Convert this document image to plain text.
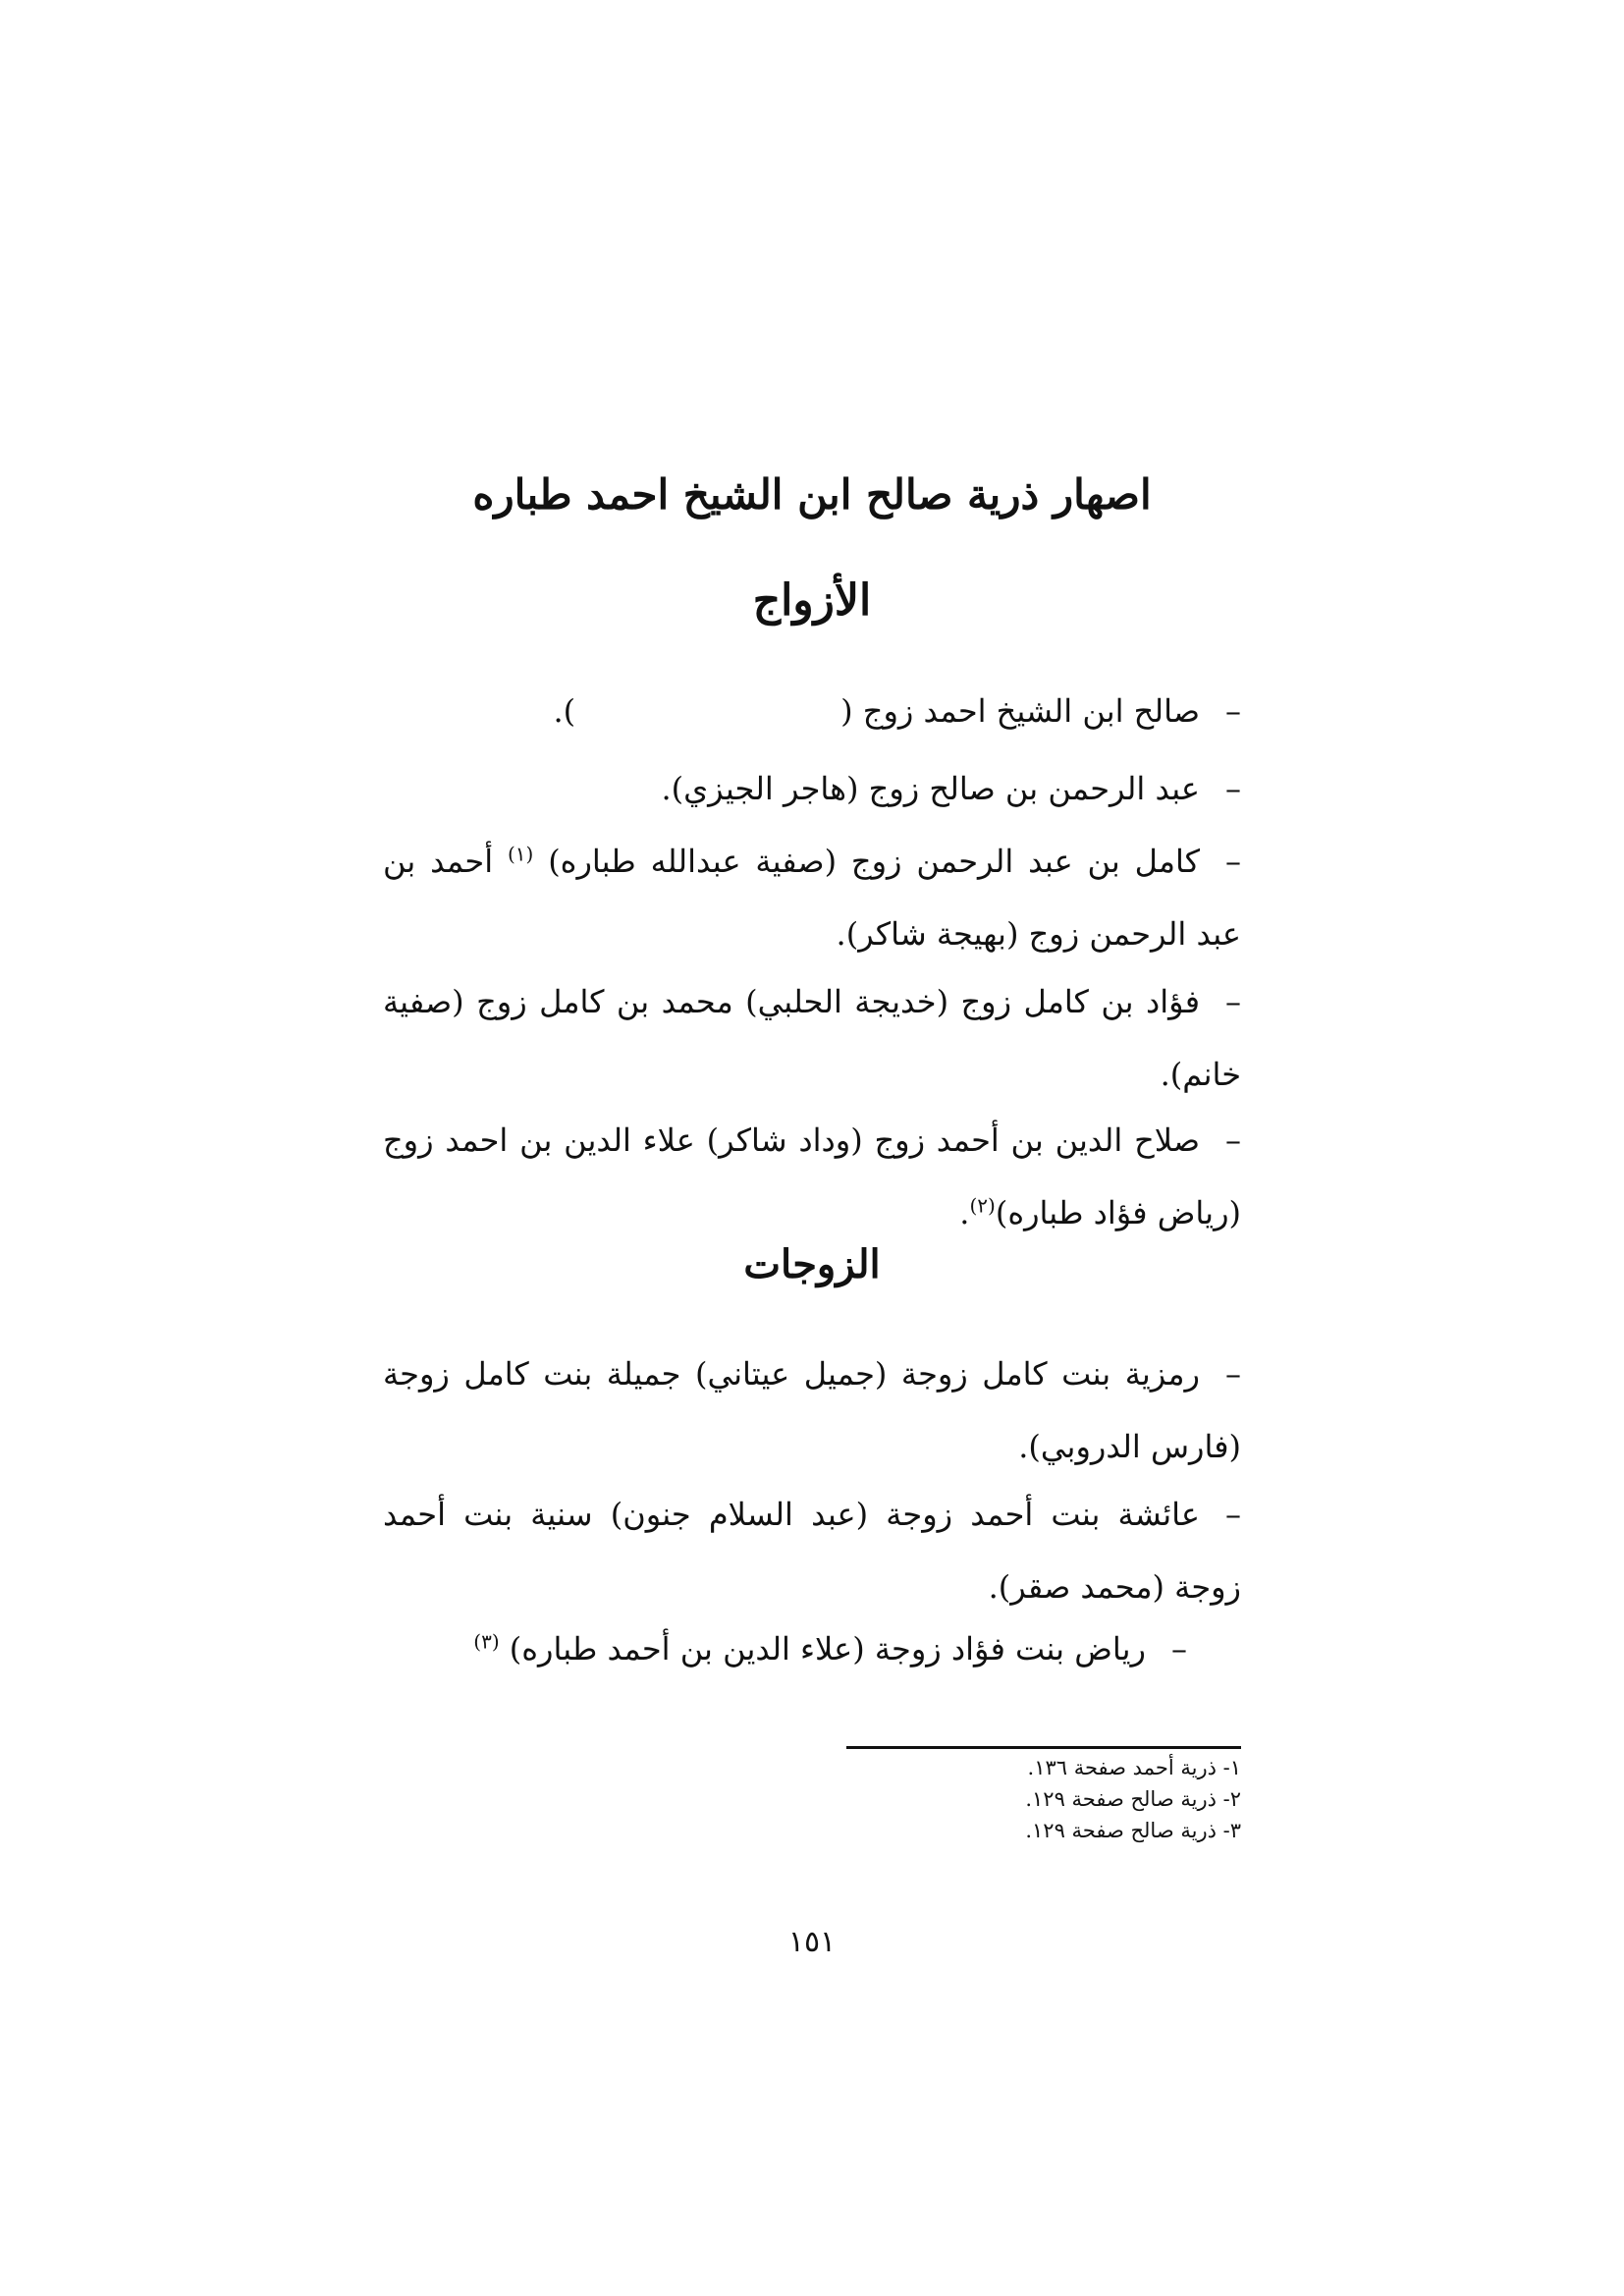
اصهار ذرية صالح ابن الشيخ احمد طباره
الأزواج

–صالح ابن الشيخ احمد زوج ().

–عبد الرحمن بن صالح زوج (هاجر الجيزي).

–كامل بن عبد الرحمن زوج (صفية عبدالله طباره) $^{(١)}$ أحمد بن عبد الرحمن زوج (بهيجة شاكر).

–فؤاد بن كامل زوج (خديجة الحلبي) محمد بن كامل زوج (صفية خانم).

–صلاح الدين بن أحمد زوج (وداد شاكر) علاء الدين بن احمد زوج (رياض فؤاد طباره)$^{(٢)}$.

الزوجات

–رمزية بنت كامل زوجة (جميل عيتاني) جميلة بنت كامل زوجة (فارس الدروبي).

–عائشة بنت أحمد زوجة (عبد السلام جنون) سنية بنت أحمد زوجة (محمد صقر).

–رياض بنت فؤاد زوجة (علاء الدين بن أحمد طباره) $^{(٣)}$

١- ذرية أحمد صفحة ١٣٦.

٢- ذرية صالح صفحة ١٢٩.

٣- ذرية صالح صفحة ١٢٩.

١٥١
